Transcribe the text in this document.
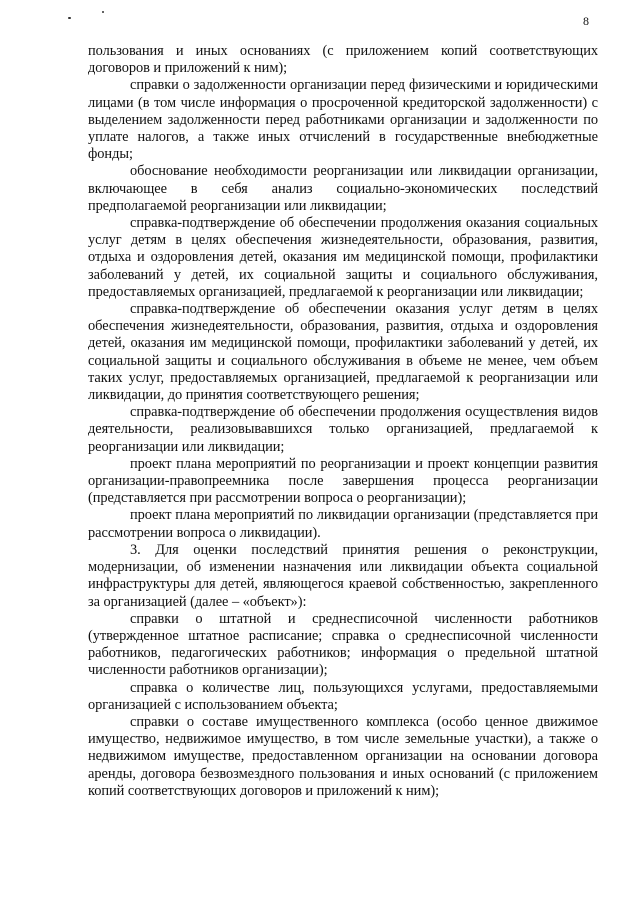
8

пользования и иных основаниях (с приложением копий соответствующих договоров и приложений к ним);

справки о задолженности организации перед физическими и юридическими лицами (в том числе информация о просроченной кредиторской задолженности) с выделением задолженности перед работниками организации и задолженности по уплате налогов, а также иных отчислений в государственные внебюджетные фонды;

обоснование необходимости реорганизации или ликвидации организации, включающее в себя анализ социально-экономических последствий предполагаемой реорганизации или ликвидации;

справка-подтверждение об обеспечении продолжения оказания социальных услуг детям в целях обеспечения жизнедеятельности, образования, развития, отдыха и оздоровления детей, оказания им медицинской помощи, профилактики заболеваний у детей, их социальной защиты и социального обслуживания, предоставляемых организацией, предлагаемой к реорганизации или ликвидации;

справка-подтверждение об обеспечении оказания услуг детям в целях обеспечения жизнедеятельности, образования, развития, отдыха и оздоровления детей, оказания им медицинской помощи, профилактики заболеваний у детей, их социальной защиты и социального обслуживания в объеме не менее, чем объем таких услуг, предоставляемых организацией, предлагаемой к реорганизации или ликвидации, до принятия соответствующего решения;

справка-подтверждение об обеспечении продолжения осуществления видов деятельности, реализовывавшихся только организацией, предлагаемой к реорганизации или ликвидации;

проект плана мероприятий по реорганизации и проект концепции развития организации-правопреемника после завершения процесса реорганизации (представляется при рассмотрении вопроса о реорганизации);

проект плана мероприятий по ликвидации организации (представляется при рассмотрении вопроса о ликвидации).

3. Для оценки последствий принятия решения о реконструкции, модернизации, об изменении назначения или ликвидации объекта социальной инфраструктуры для детей, являющегося краевой собственностью, закрепленного за организацией (далее – «объект»):

справки о штатной и среднесписочной численности работников (утвержденное штатное расписание; справка о среднесписочной численности работников, педагогических работников; информация о предельной штатной численности работников организации);

справка о количестве лиц, пользующихся услугами, предоставляемыми организацией с использованием объекта;

справки о составе имущественного комплекса (особо ценное движимое имущество, недвижимое имущество, в том числе земельные участки), а также о недвижимом имуществе, предоставленном организации на основании договора аренды, договора безвозмездного пользования и иных оснований (с приложением копий соответствующих договоров и приложений к ним);
